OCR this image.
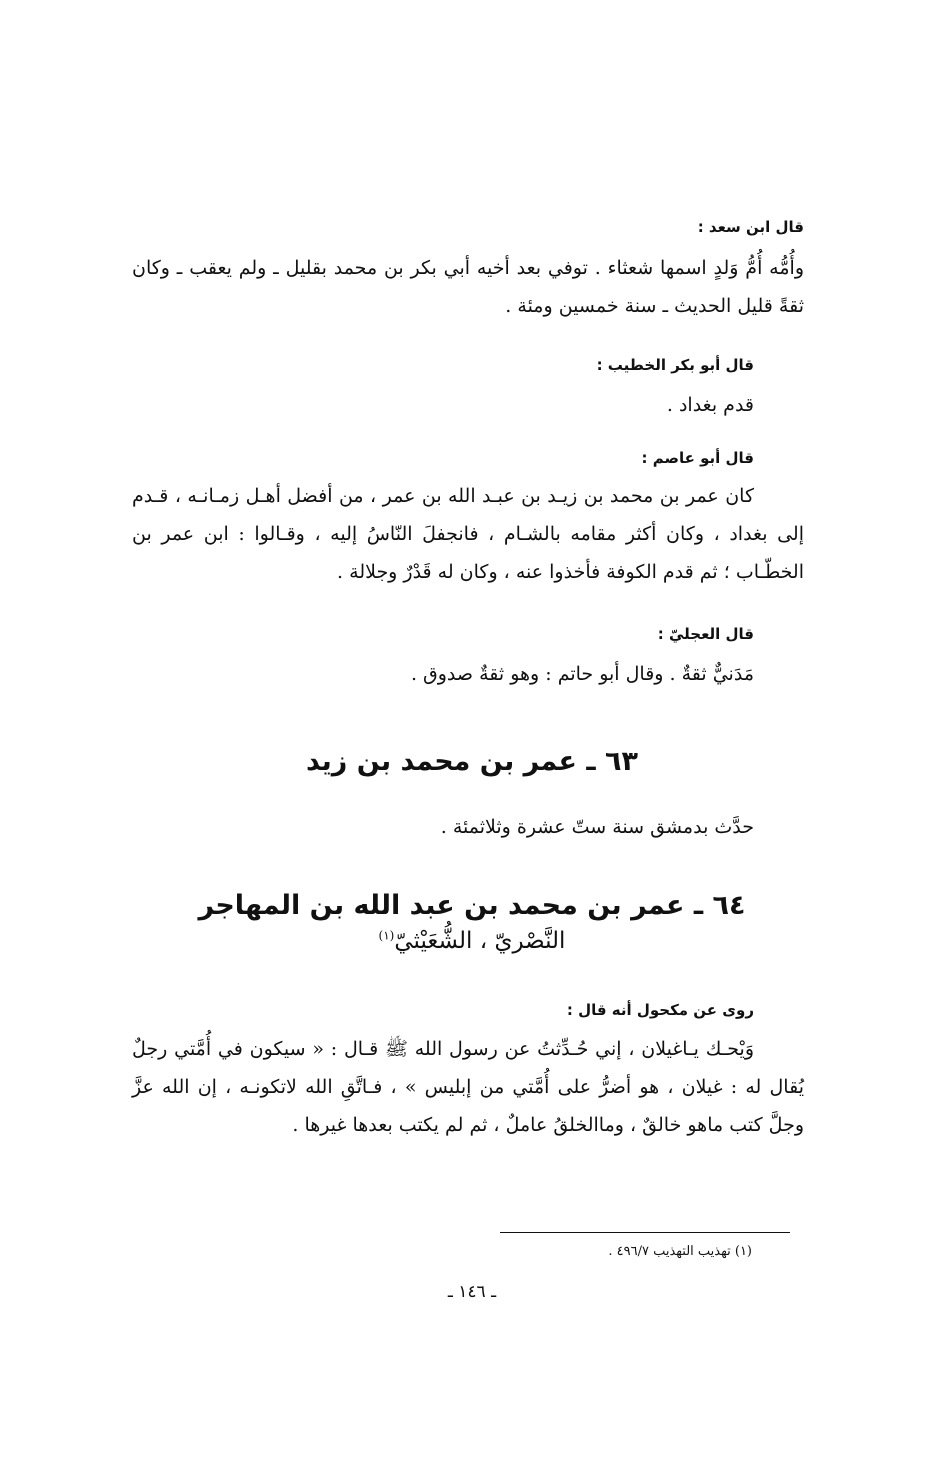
قال ابن سعد :
وأُمُّه أُمُّ وَلدٍ اسمها شعثاء . توفي بعد أخيه أبي بكر بن محمد بقليل ـ ولم يعقب ـ وكان ثقةً قليل الحديث ـ سنة خمسين ومئة .
قال أبو بكر الخطيب :
قدم بغداد .
قال أبو عاصم :
كان عمر بن محمد بن زيـد بن عبـد الله بن عمر ، من أفضل أهـل زمـانـه ، قـدم إلى بغداد ، وكان أكثر مقامه بالشـام ، فانجفلَ النّاسُ إليه ، وقـالوا : ابن عمر بن الخطّـاب ؛ ثم قدم الكوفة فأخذوا عنه ، وكان له قَدْرٌ وجلالة .
قال العجليّ :
مَدَنيٌّ ثقةٌ . وقال أبو حاتم : وهو ثقةٌ صدوق .
٦٣ ـ عمر بن محمد بن زيد
حدَّث بدمشق سنة ستّ عشرة وثلاثمئة .
٦٤ ـ عمر بن محمد بن عبد الله بن المهاجر
النَّصْريّ ، الشُّعَيْثيّ$^{(١)}$
روى عن مكحول أنه قال :
وَيْحـك يـاغيلان ، إني حُـدِّثتُ عن رسول الله ﷺ قـال : « سيكون في أُمَّتي رجلٌ يُقال له : غيلان ، هو أضرُّ على أُمَّتي من إبليس » ، فـاتَّقِ الله لاتكونـه ، إن الله عزَّ وجلَّ كتب ماهو خالقٌ ، وماالخلقُ عاملٌ ، ثم لم يكتب بعدها غيرها .
(١) تهذيب التهذيب ٤٩٦/٧ .
ـ ١٤٦ ـ
